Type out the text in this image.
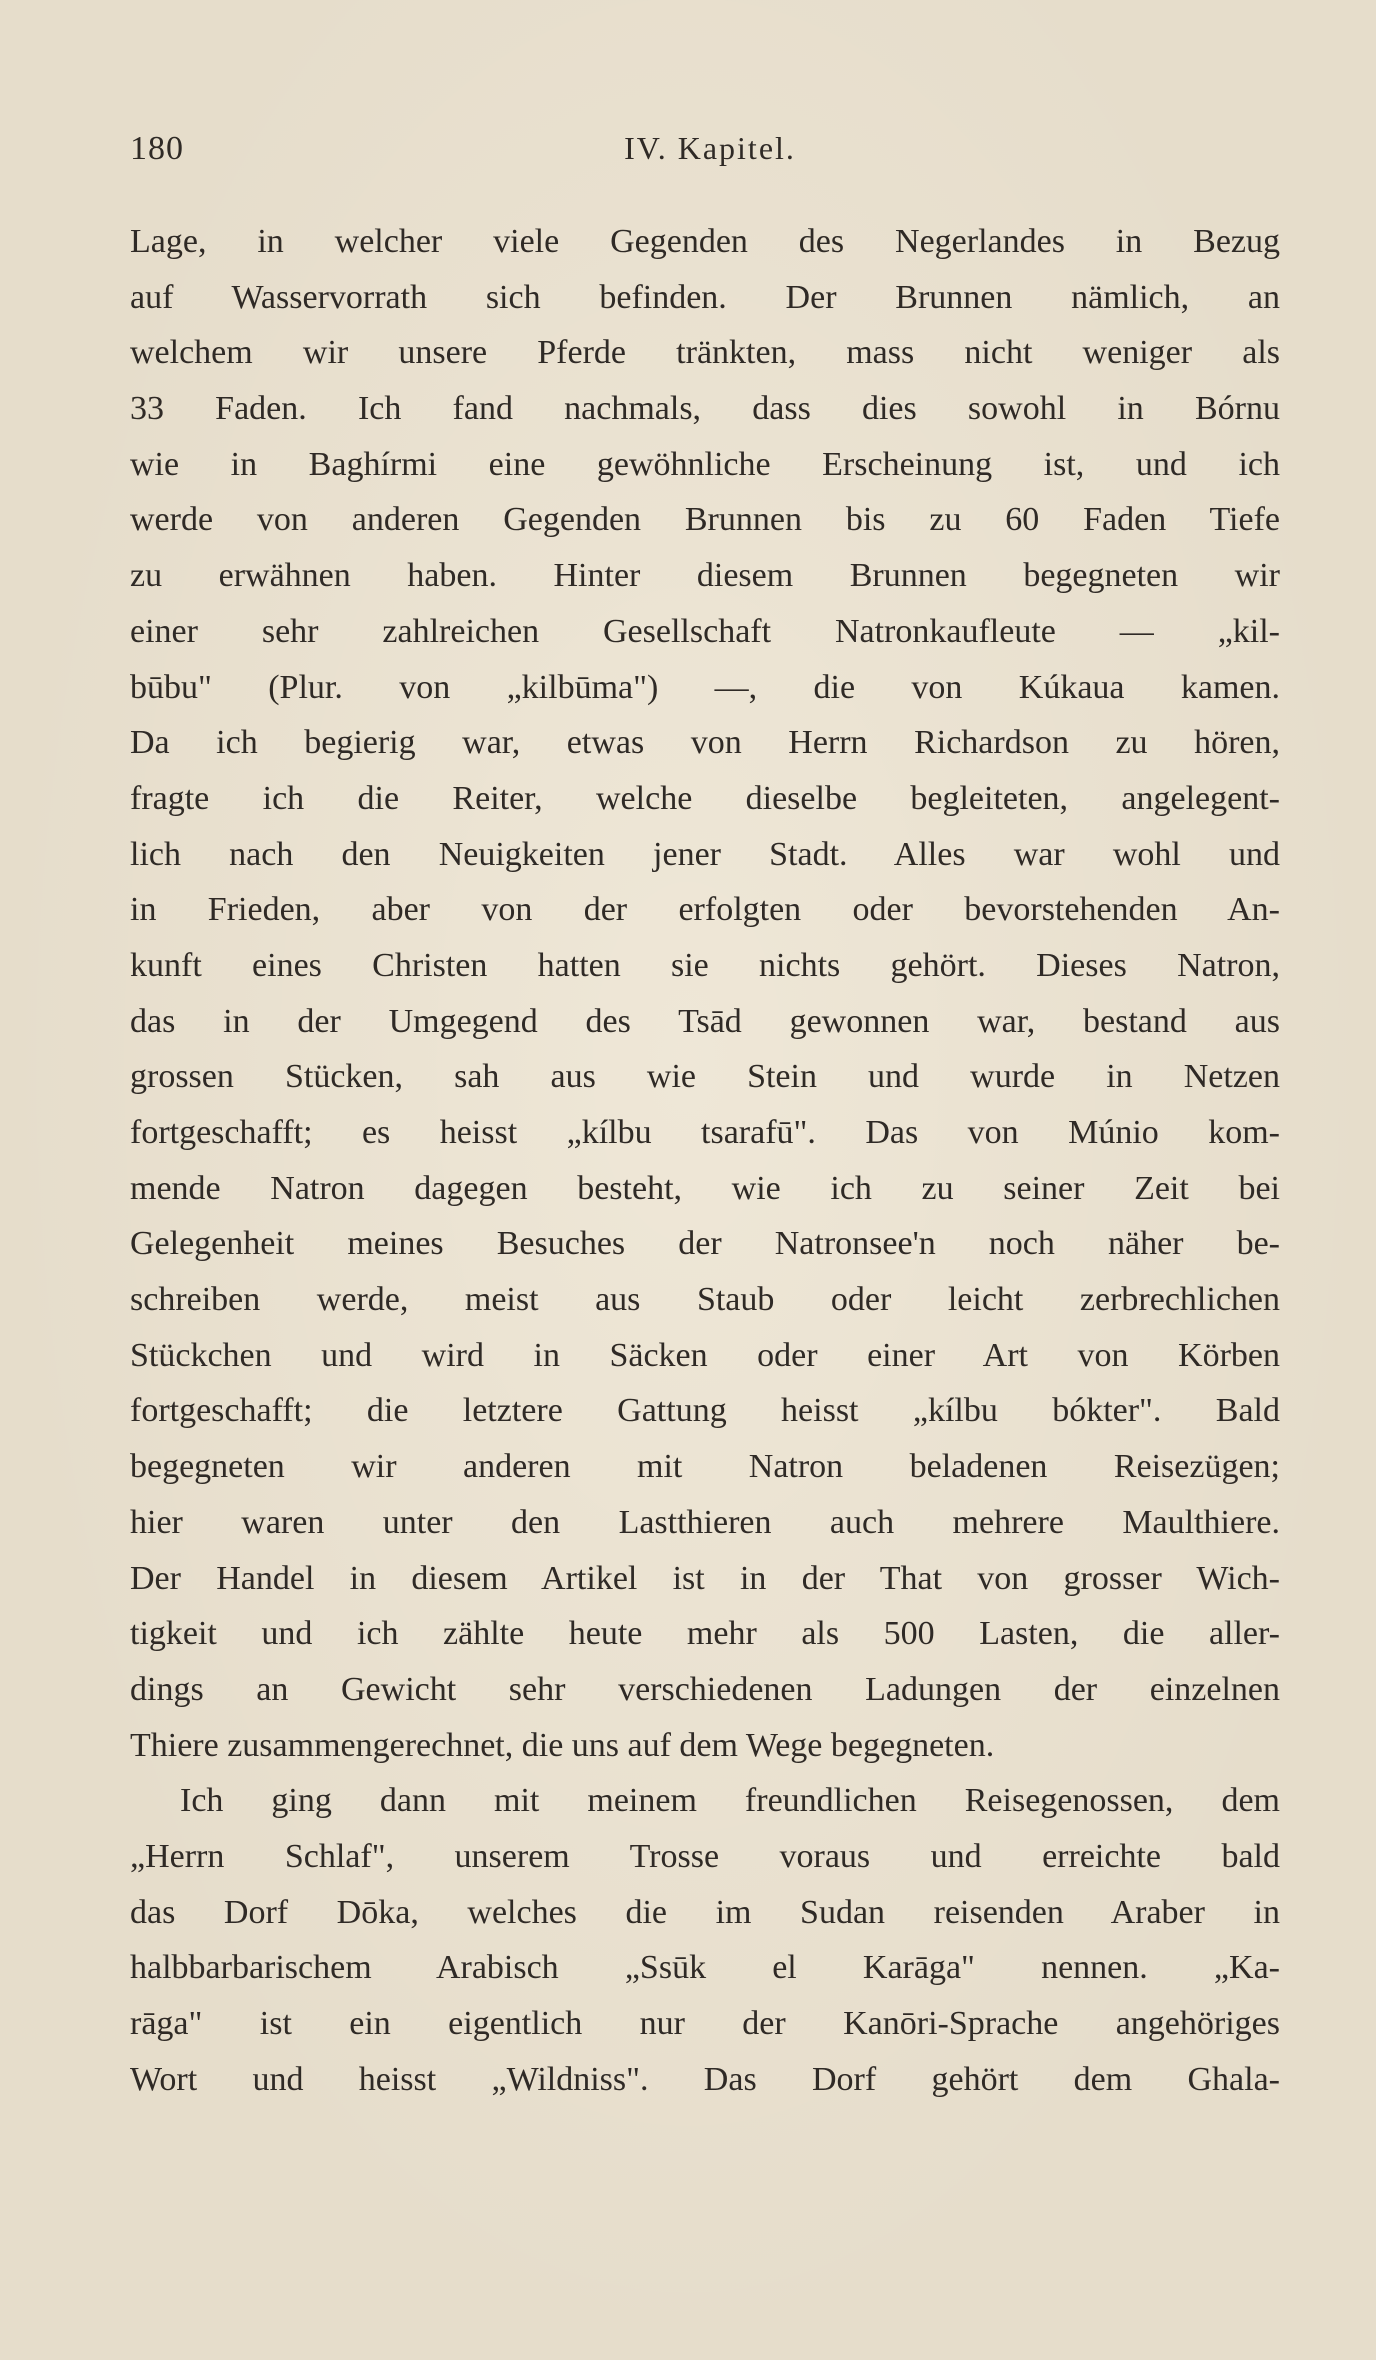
180	IV. Kapitel.
Lage, in welcher viele Gegenden des Negerlandes in Bezug
auf Wasservorrath sich befinden. Der Brunnen nämlich, an
welchem wir unsere Pferde tränkten, mass nicht weniger als
33 Faden. Ich fand nachmals, dass dies sowohl in Bórnu
wie in Baghírmi eine gewöhnliche Erscheinung ist, und ich
werde von anderen Gegenden Brunnen bis zu 60 Faden Tiefe
zu erwähnen haben. Hinter diesem Brunnen begegneten wir
einer sehr zahlreichen Gesellschaft Natronkaufleute — „kil-
būbu" (Plur. von „kilbūma") —, die von Kúkaua kamen.
Da ich begierig war, etwas von Herrn Richardson zu hören,
fragte ich die Reiter, welche dieselbe begleiteten, angelegent-
lich nach den Neuigkeiten jener Stadt. Alles war wohl und
in Frieden, aber von der erfolgten oder bevorstehenden An-
kunft eines Christen hatten sie nichts gehört. Dieses Natron,
das in der Umgegend des Tsād gewonnen war, bestand aus
grossen Stücken, sah aus wie Stein und wurde in Netzen
fortgeschafft; es heisst „kílbu tsarafū". Das von Múnio kom-
mende Natron dagegen besteht, wie ich zu seiner Zeit bei
Gelegenheit meines Besuches der Natronsee'n noch näher be-
schreiben werde, meist aus Staub oder leicht zerbrechlichen
Stückchen und wird in Säcken oder einer Art von Körben
fortgeschafft; die letztere Gattung heisst „kílbu bókter". Bald
begegneten wir anderen mit Natron beladenen Reisezügen;
hier waren unter den Lastthieren auch mehrere Maulthiere.
Der Handel in diesem Artikel ist in der That von grosser Wich-
tigkeit und ich zählte heute mehr als 500 Lasten, die aller-
dings an Gewicht sehr verschiedenen Ladungen der einzelnen
Thiere zusammengerechnet, die uns auf dem Wege begegneten.
Ich ging dann mit meinem freundlichen Reisegenossen, dem
„Herrn Schlaf", unserem Trosse voraus und erreichte bald
das Dorf Dōka, welches die im Sudan reisenden Araber in
halbbarbarischem Arabisch „Ssūk el Karāga" nennen. „Ka-
rāga" ist ein eigentlich nur der Kanōri-Sprache angehöriges
Wort und heisst „Wildniss". Das Dorf gehört dem Ghala-
